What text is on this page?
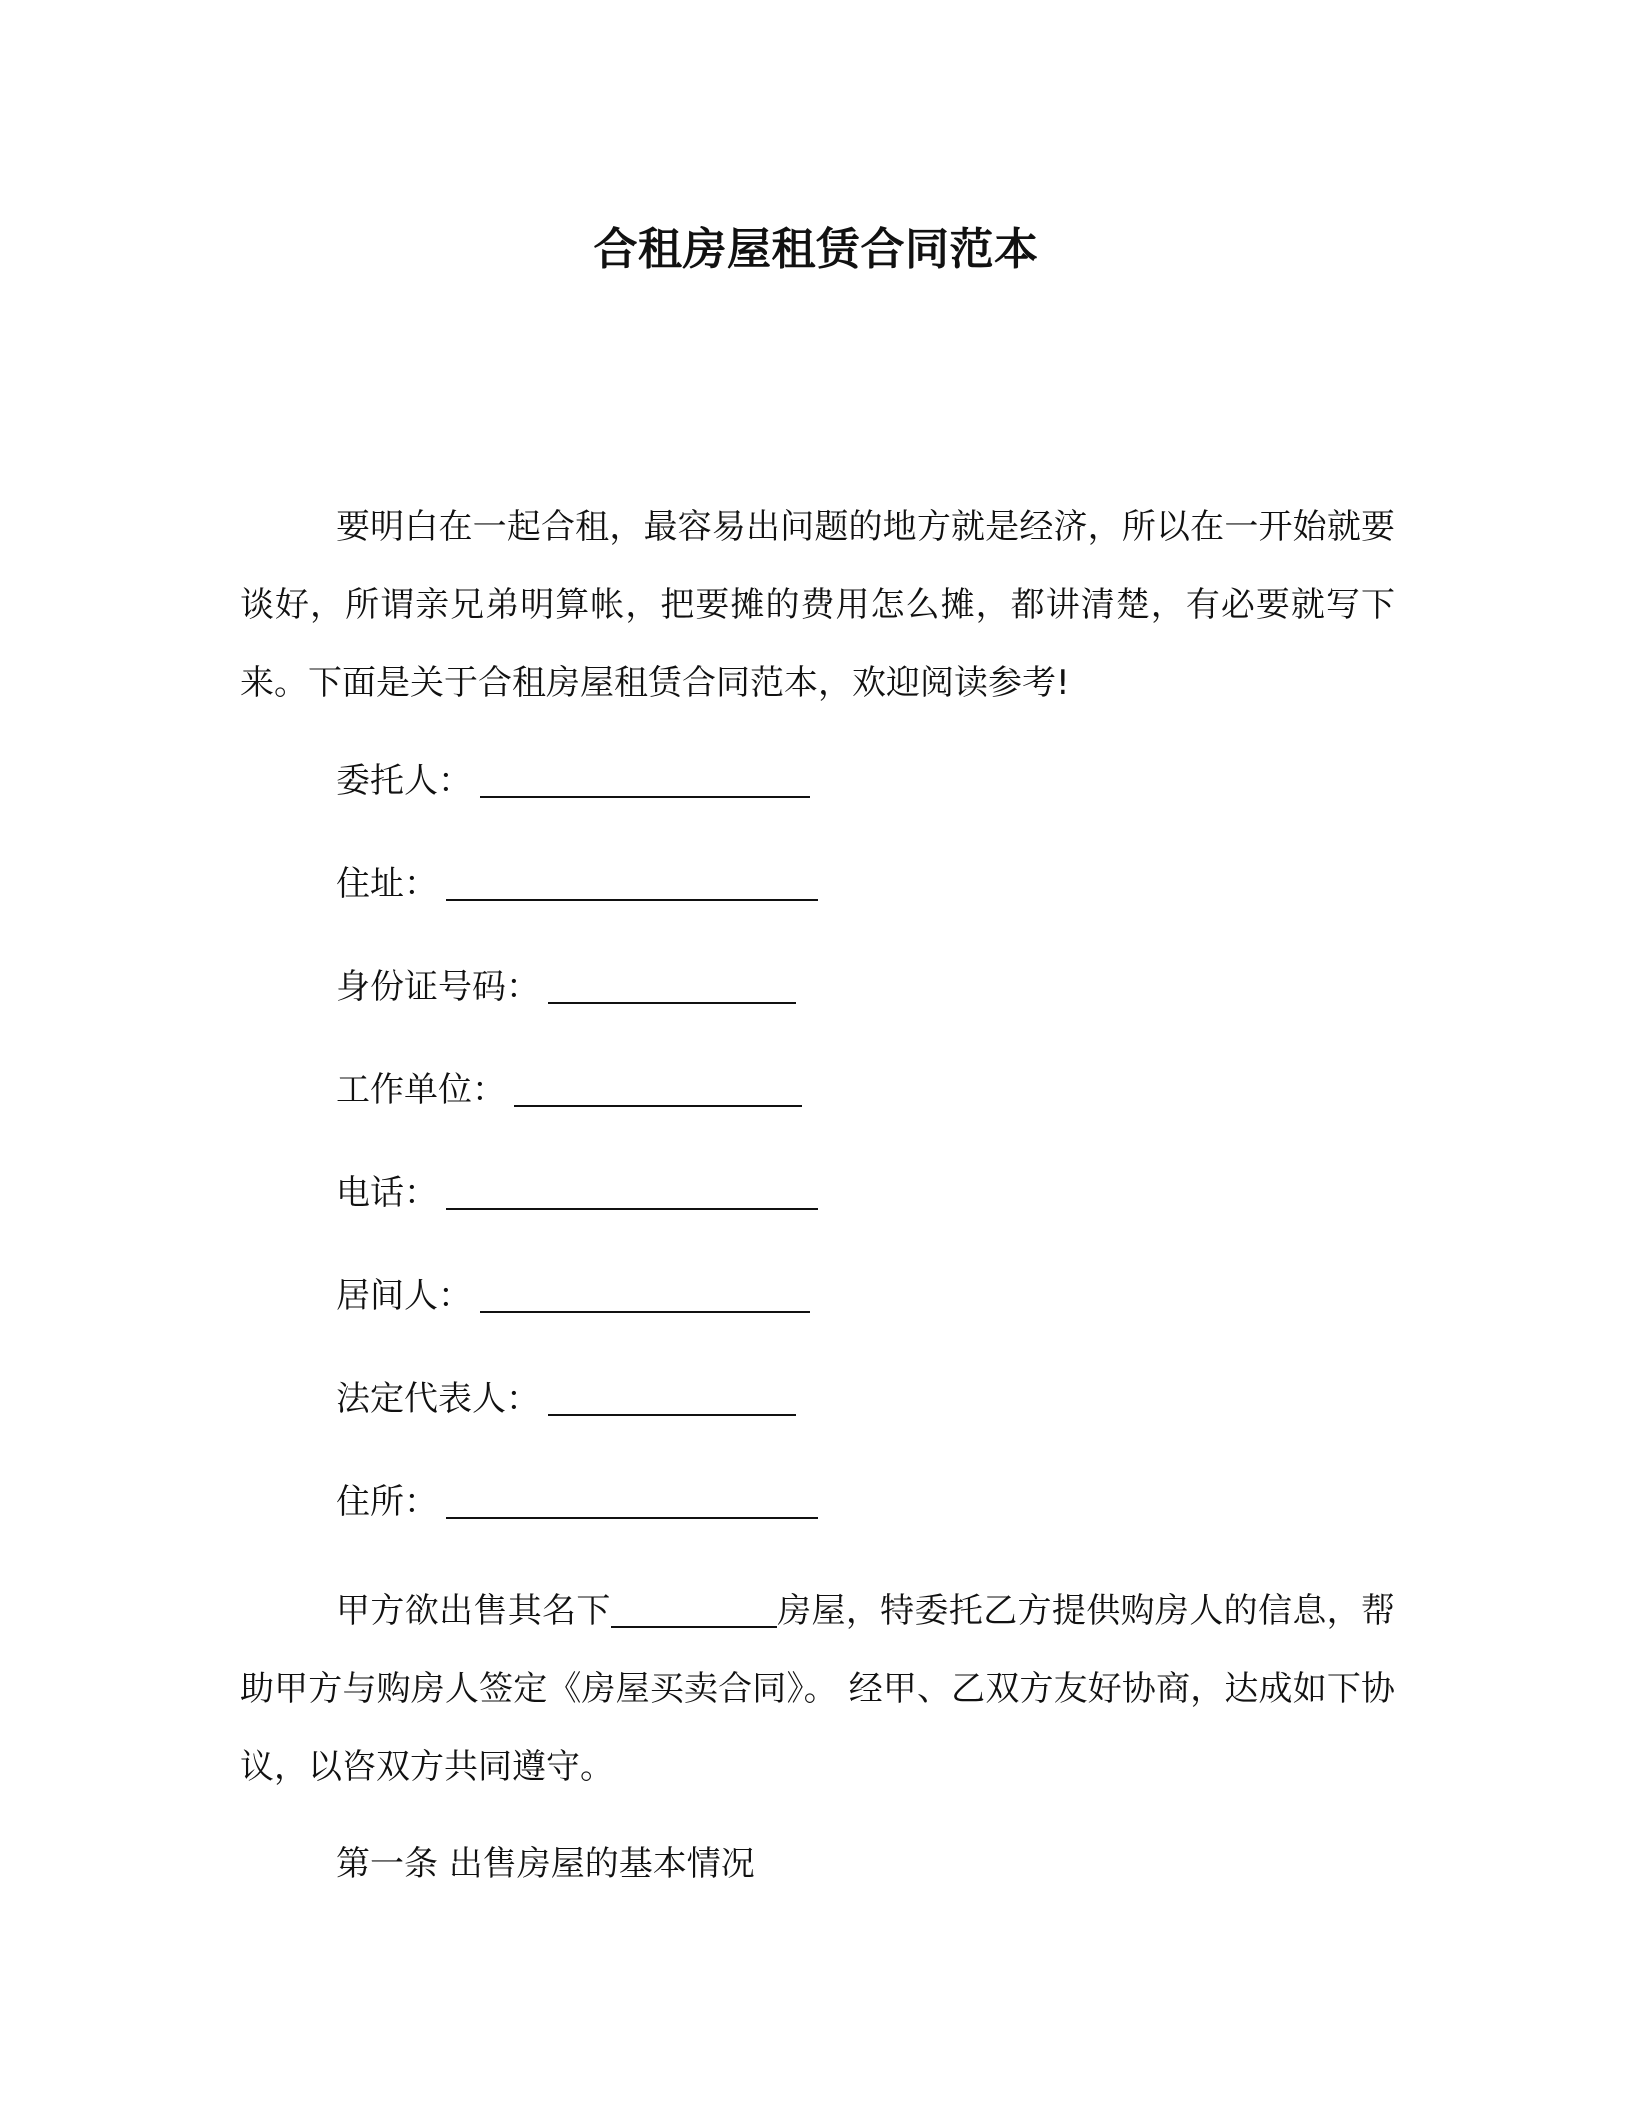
合租房屋租赁合同范本

要明白在一起合租，最容易出问题的地方就是经济，所以在一开始就要谈好，所谓亲兄弟明算帐，把要摊的费用怎么摊，都讲清楚，有必要就写下来。下面是关于合租房屋租赁合同范本，欢迎阅读参考!

委托人：
住址：
身份证号码：
工作单位：
电话：
居间人：
法定代表人：
住所：

甲方欲出售其名下	房屋，特委托乙方提供购房人的信息，帮助甲方与购房人签定《房屋买卖合同》。 经甲、乙双方友好协商，达成如下协议，以咨双方共同遵守。

第一条 出售房屋的基本情况
